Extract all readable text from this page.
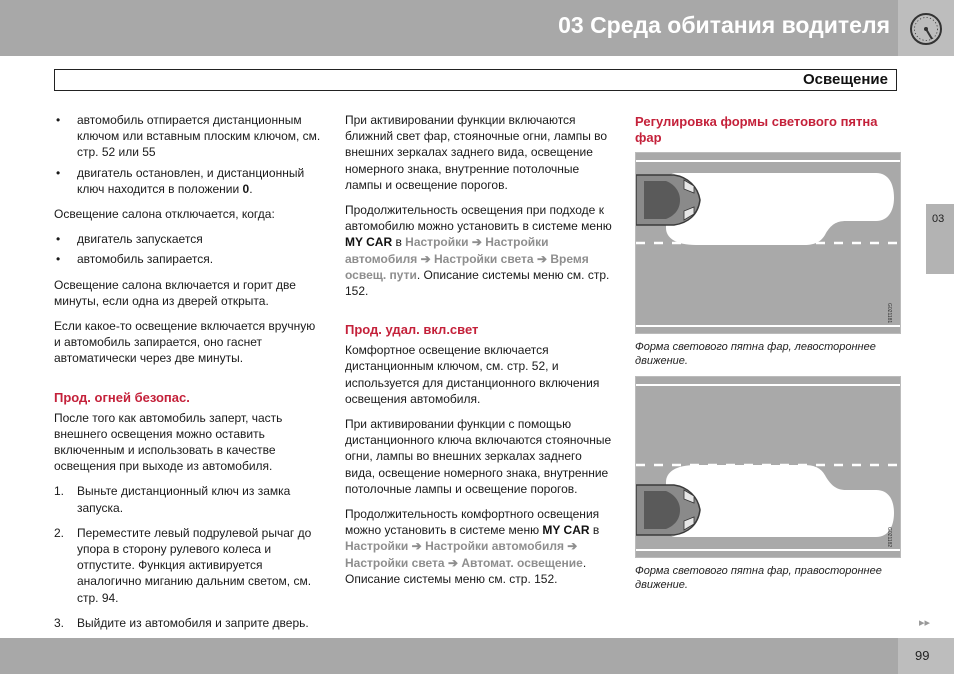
03 Среда обитания водителя
Освещение
03
• автомобиль отпирается дистанционным ключом или вставным плоским ключом, см. стр. 52 или 55
• двигатель остановлен, и дистанционный ключ находится в положении 0.

Освещение салона отключается, когда:

• двигатель запускается
• автомобиль запирается.

Освещение салона включается и горит две минуты, если одна из дверей открыта.

Если какое-то освещение включается вручную и автомобиль запирается, оно гаснет автоматически через две минуты.

Прод. огней безопас.

После того как автомобиль заперт, часть внешнего освещения можно оставить включенным и использовать в качестве освещения при выходе из автомобиля.

1. Выньте дистанционный ключ из замка запуска.
2. Переместите левый подрулевой рычаг до упора в сторону рулевого колеса и отпустите. Функция активируется аналогично миганию дальним светом, см. стр. 94.
3. Выйдите из автомобиля и заприте дверь.

При активировании функции включаются ближний свет фар, стояночные огни, лампы во внешних зеркалах заднего вида, освещение номерного знака, внутренние потолочные лампы и освещение порогов.

Продолжительность освещения при подходе к автомобилю можно установить в системе меню MY CAR в Настройки ➔ Настройки автомобиля ➔ Настройки света ➔ Время освещ. пути. Описание системы меню см. стр. 152.

Прод. удал. вкл.свет

Комфортное освещение включается дистанционным ключом, см. стр. 52, и используется для дистанционного включения освещения автомобиля.

При активировании функции с помощью дистанционного ключа включаются стояночные огни, лампы во внешних зеркалах заднего вида, освещение номерного знака, внутренние потолочные лампы и освещение порогов.

Продолжительность комфортного освещения можно установить в системе меню MY CAR в Настройки ➔ Настройки автомобиля ➔ Настройки света ➔ Автомат. освещение. Описание системы меню см. стр. 152.

Регулировка формы светового пятна фар
G021181

Форма светового пятна фар, левостороннее движение.

G021182

Форма светового пятна фар, правостороннее движение.

▸▸
99
